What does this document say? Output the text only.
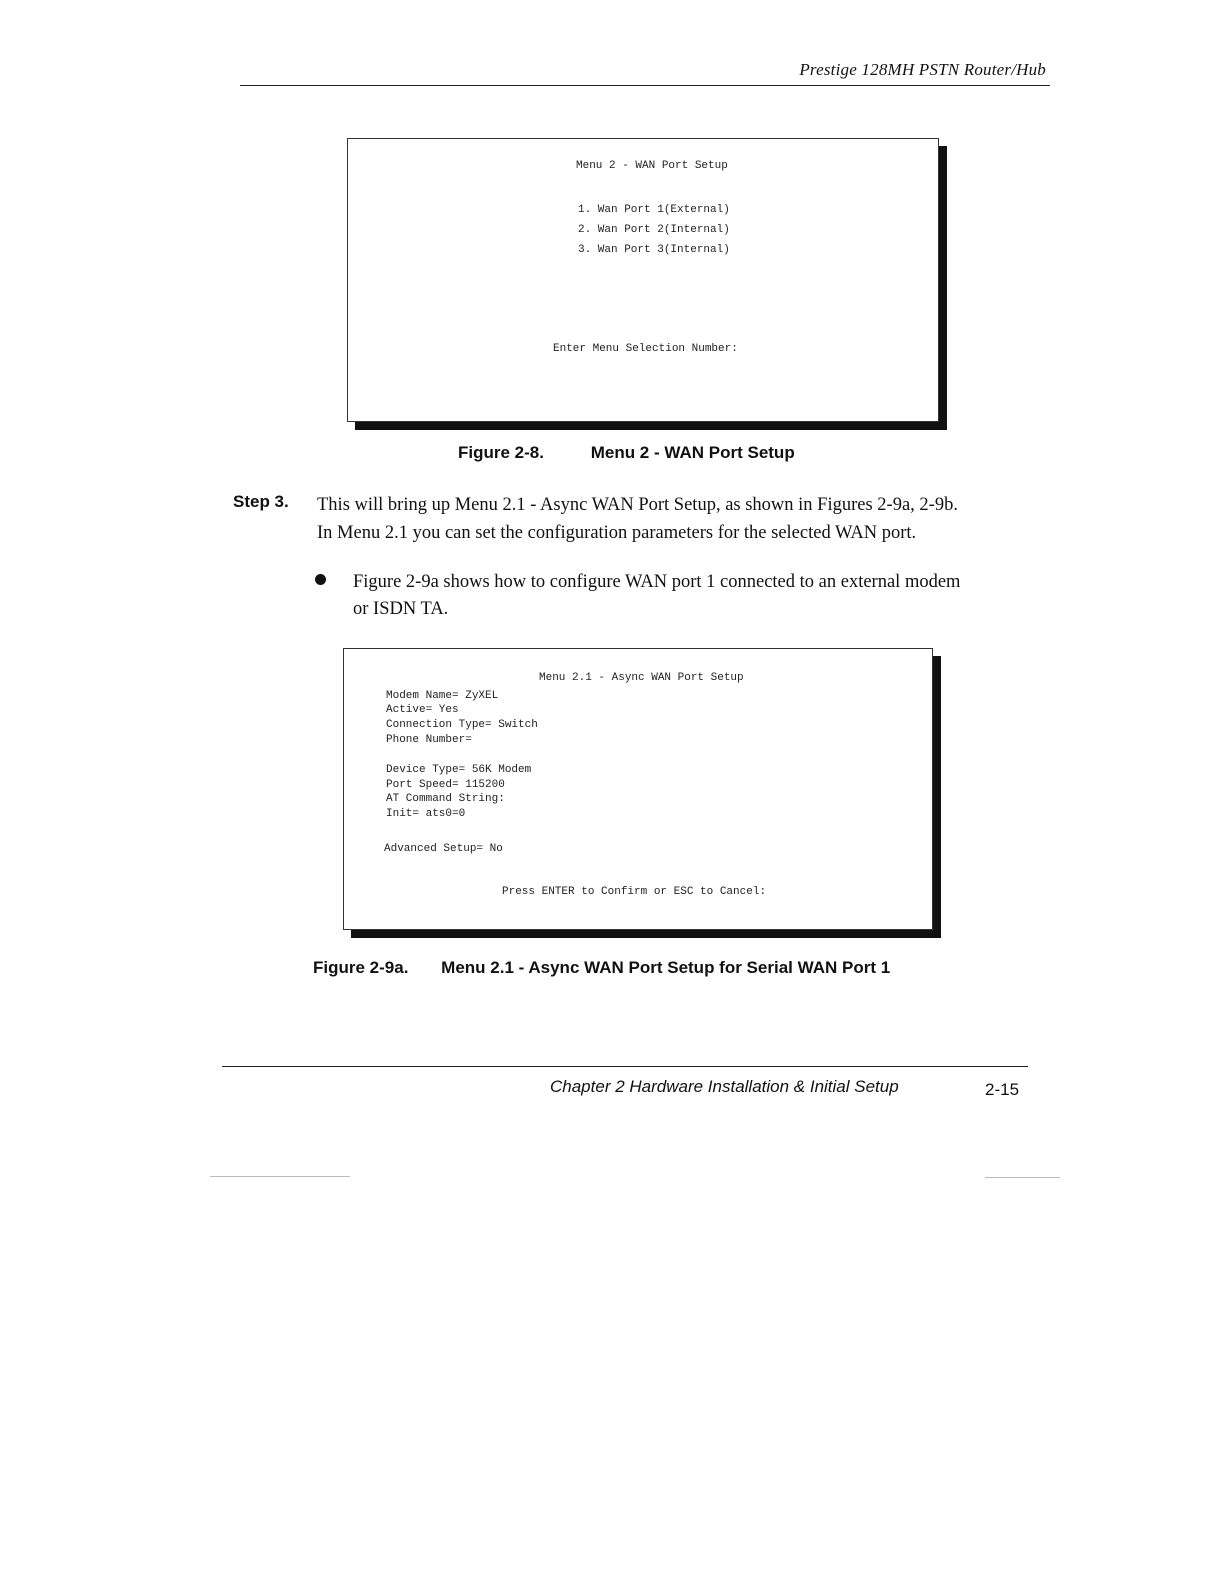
Prestige 128MH PSTN Router/Hub
Menu 2 - WAN Port Setup
1. Wan Port 1(External)
2. Wan Port 2(Internal)
3. Wan Port 3(Internal)
Enter Menu Selection Number:
Figure 2-8.	Menu 2 - WAN Port Setup
Step 3. This will bring up Menu 2.1 - Async WAN Port Setup, as shown in Figures 2-9a, 2-9b.
In Menu 2.1 you can set the configuration parameters for the selected WAN port.
Figure 2-9a shows how to configure WAN port 1 connected to an external modem
or ISDN TA.
Menu 2.1 - Async WAN Port Setup
Modem Name= ZyXEL
Active= Yes
Connection Type= Switch
Phone Number=
Device Type= 56K Modem
Port Speed= 115200
AT Command String:
Init= ats0=0
Advanced Setup= No
Press ENTER to Confirm or ESC to Cancel:
Figure 2-9a. Menu 2.1 - Async WAN Port Setup for Serial WAN Port 1
Chapter 2 Hardware Installation & Initial Setup	2-15
